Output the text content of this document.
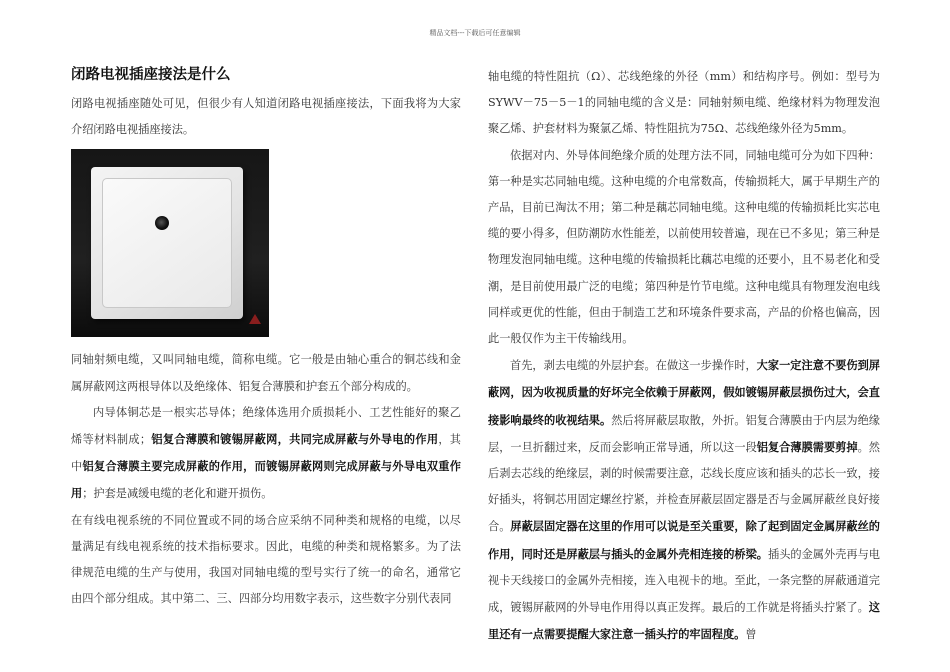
精品文档---下载后可任意编辑
闭路电视插座接法是什么

闭路电视插座随处可见，但很少有人知道闭路电视插座接法，下面我将为大家介绍闭路电视插座接法。

同轴射频电缆，又叫同轴电缆，简称电缆。它一般是由轴心重合的铜芯线和金属屏蔽网这两根导体以及绝缘体、铝复合薄膜和护套五个部分构成的。

内导体铜芯是一根实芯导体；绝缘体选用介质损耗小、工艺性能好的聚乙烯等材料制成；铝复合薄膜和镀锡屏蔽网，共同完成屏蔽与外导电的作用，其中铝复合薄膜主要完成屏蔽的作用，而镀锡屏蔽网则完成屏蔽与外导电双重作用；护套是减缓电缆的老化和避开损伤。

在有线电视系统的不同位置或不同的场合应采纳不同种类和规格的电缆，以尽量满足有线电视系统的技术指标要求。因此，电缆的种类和规格繁多。为了法律规范电缆的生产与使用，我国对同轴电缆的型号实行了统一的命名，通常它由四个部分组成。其中第二、三、四部分均用数字表示，这些数字分别代表同

轴电缆的特性阻抗（Ω）、芯线绝缘的外径（mm）和结构序号。例如：型号为SYWV－75－5－1的同轴电缆的含义是：同轴射频电缆、绝缘材料为物理发泡聚乙烯、护套材料为聚氯乙烯、特性阻抗为75Ω、芯线绝缘外径为5mm。

依据对内、外导体间绝缘介质的处理方法不同，同轴电缆可分为如下四种：第一种是实芯同轴电缆。这种电缆的介电常数高，传输损耗大，属于早期生产的产品，目前已淘汰不用；第二种是藕芯同轴电缆。这种电缆的传输损耗比实芯电缆的要小得多，但防潮防水性能差，以前使用较普遍，现在已不多见；第三种是物理发泡同轴电缆。这种电缆的传输损耗比藕芯电缆的还要小，且不易老化和受潮，是目前使用最广泛的电缆；第四种是竹节电缆。这种电缆具有物理发泡电线同样或更优的性能，但由于制造工艺和环境条件要求高，产品的价格也偏高，因此一般仅作为主干传输线用。

首先，剥去电缆的外层护套。在做这一步操作时，大家一定注意不要伤到屏蔽网，因为收视质量的好坏完全依赖于屏蔽网，假如镀锡屏蔽层损伤过大，会直接影响最终的收视结果。然后将屏蔽层取散，外折。铝复合薄膜由于内层为绝缘层，一旦折翻过来，反而会影响正常导通，所以这一段铝复合薄膜需要剪掉。然后剥去芯线的绝缘层，剥的时候需要注意，芯线长度应该和插头的芯长一致，接好插头，将铜芯用固定螺丝拧紧，并检查屏蔽层固定器是否与金属屏蔽丝良好接合。屏蔽层固定器在这里的作用可以说是至关重要，除了起到固定金属屏蔽丝的作用，同时还是屏蔽层与插头的金属外壳相连接的桥梁。插头的金属外壳再与电视卡天线接口的金属外壳相接，连入电视卡的地。至此，一条完整的屏蔽通道完成，镀锡屏蔽网的外导电作用得以真正发挥。最后的工作就是将插头拧紧了。这里还有一点需要提醒大家注意一插头拧的牢固程度。曾
